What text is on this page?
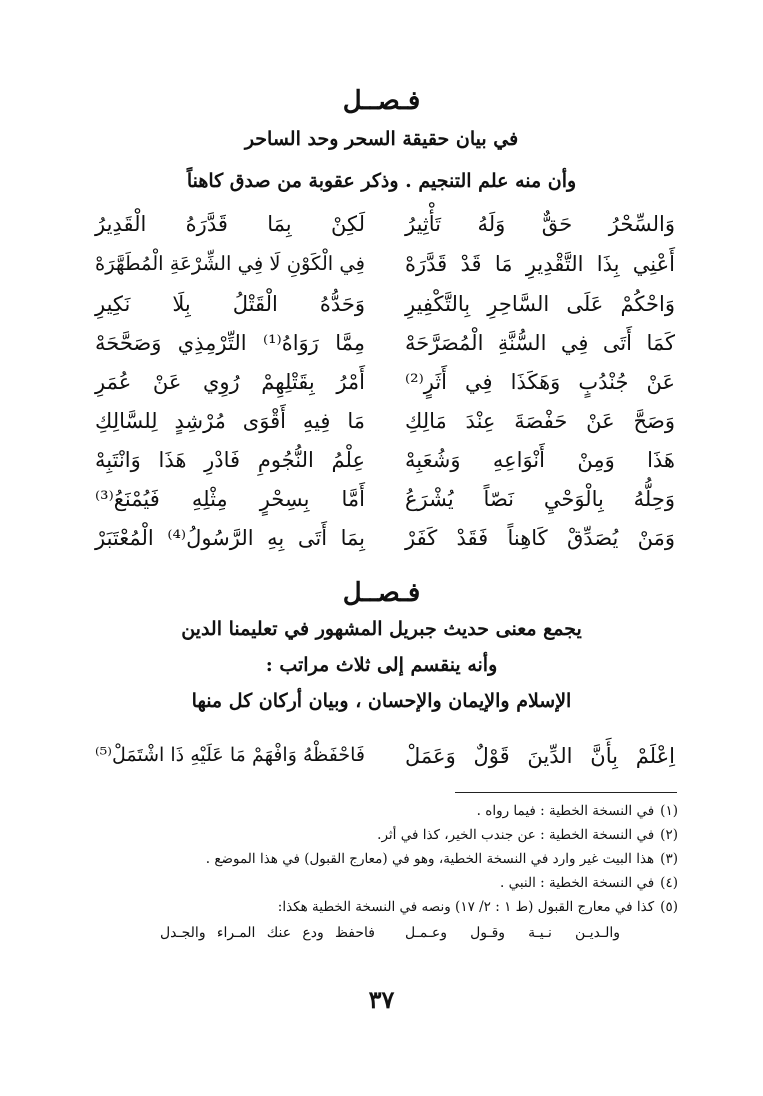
فـصــل
في بيان حقيقة السحر وحد الساحر
وأن منه علم التنجيم . وذكر عقوبة من صدق كاهناً
وَالسِّحْرُ حَقٌّ وَلَهُ تَأْثِيرُ
لَكِنْ بِمَا قَدَّرَهُ الْقَدِيرُ
أَعْنِي بِذَا التَّقْدِيرِ مَا قَدْ قَدَّرَهْ
فِي الْكَوْنِ لَا فِي الشِّرْعَةِ الْمُطَهَّرَهْ
وَاحْكُمْ عَلَى السَّاحِرِ بِالتَّكْفِيرِ
وَحَدُّهُ الْقَتْلُ بِلَا نَكِيرِ
كَمَا أَتَى فِي السُّنَّةِ الْمُصَرَّحَهْ
مِمَّا رَوَاهُ⁽¹⁾ التِّرْمِذِي وَصَحَّحَهْ
عَنْ جُنْدُبٍ وَهَكَذَا فِي أَثَرٍ⁽²⁾
أَمْرُ بِقَتْلِهِمْ رُوِي عَنْ عُمَرِ
وَصَحَّ عَنْ حَفْصَةَ عِنْدَ مَالِكِ
مَا فِيهِ أَقْوَى مُرْشِدٍ لِلسَّالِكِ
هَذَا وَمِنْ أَنْوَاعِهِ وَشُعَبِهْ
عِلْمُ النُّجُومِ فَادْرِ هَذَا وَانْتَبِهْ
وَحِلُّهُ بِالْوَحْيِ نَصّاً يُشْرَعُ
أَمَّا بِسِحْرٍ مِثْلِهِ فَيُمْنَعُ⁽³⁾
وَمَنْ يُصَدِّقْ كَاهِناً فَقَدْ كَفَرْ
بِمَا أَتَى بِهِ الرَّسُولُ⁽⁴⁾ الْمُعْتَبَرْ
فـصــل
يجمع معنى حديث جبريل المشهور في تعليمنا الدين
وأنه ينقسم إلى ثلاث مراتب :
الإسلام والإيمان والإحسان ، وبيان أركان كل منها
اِعْلَمْ بِأَنَّ الدِّينَ قَوْلٌ وَعَمَلْ
فَاحْفَظْهُ وَافْهَمْ مَا عَلَيْهِ ذَا اشْتَمَلْ⁽⁵⁾
(١)في النسخة الخطية : فيما رواه .
(٢)في النسخة الخطية : عن جندب الخير، كذا في أثر.
(٣)هذا البيت غير وارد في النسخة الخطية، وهو في (معارج القبول) في هذا الموضع .
(٤)في النسخة الخطية : النبي .
(٥)كذا في معارج القبول (ط ١ : ٢/ ١٧) ونصه في النسخة الخطية هكذا:
والـديـن نـيـة وقـول وعـمـل
فاحفظ ودع عنك المـراء والجـدل
٣٧
